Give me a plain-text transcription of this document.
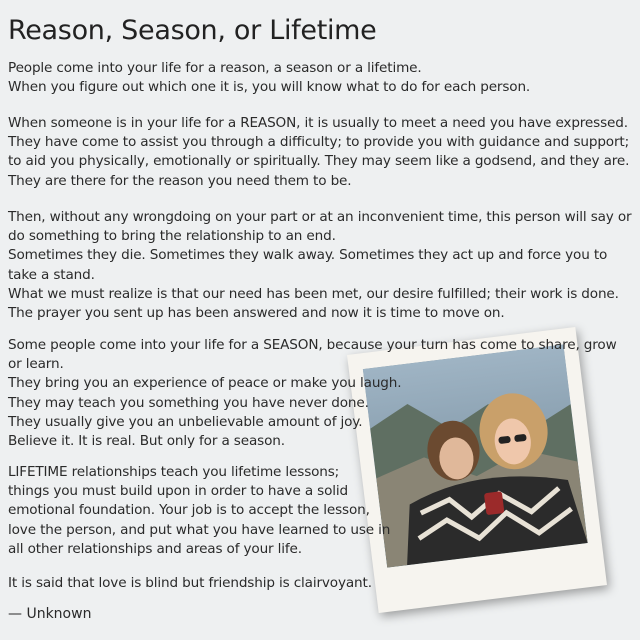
Reason, Season, or Lifetime

People come into your life for a reason, a season or a lifetime.
When you figure out which one it is, you will know what to do for each person.

When someone is in your life for a REASON, it is usually to meet a need you have expressed.
They have come to assist you through a difficulty; to provide you with guidance and support;
to aid you physically, emotionally or spiritually. They may seem like a godsend, and they are.
They are there for the reason you need them to be.

Then, without any wrongdoing on your part or at an inconvenient time, this person will say or
do something to bring the relationship to an end.
Sometimes they die. Sometimes they walk away. Sometimes they act up and force you to
take a stand.
What we must realize is that our need has been met, our desire fulfilled; their work is done.
The prayer you sent up has been answered and now it is time to move on.

Some people come into your life for a SEASON, because your turn has come to share, grow
or learn.
They bring you an experience of peace or make you laugh.
They may teach you something you have never done.
They usually give you an unbelievable amount of joy.
Believe it. It is real. But only for a season.

LIFETIME relationships teach you lifetime lessons;
things you must build upon in order to have a solid
emotional foundation. Your job is to accept the lesson,
love the person, and put what you have learned to use in
all other relationships and areas of your life.

It is said that love is blind but friendship is clairvoyant.

— Unknown
